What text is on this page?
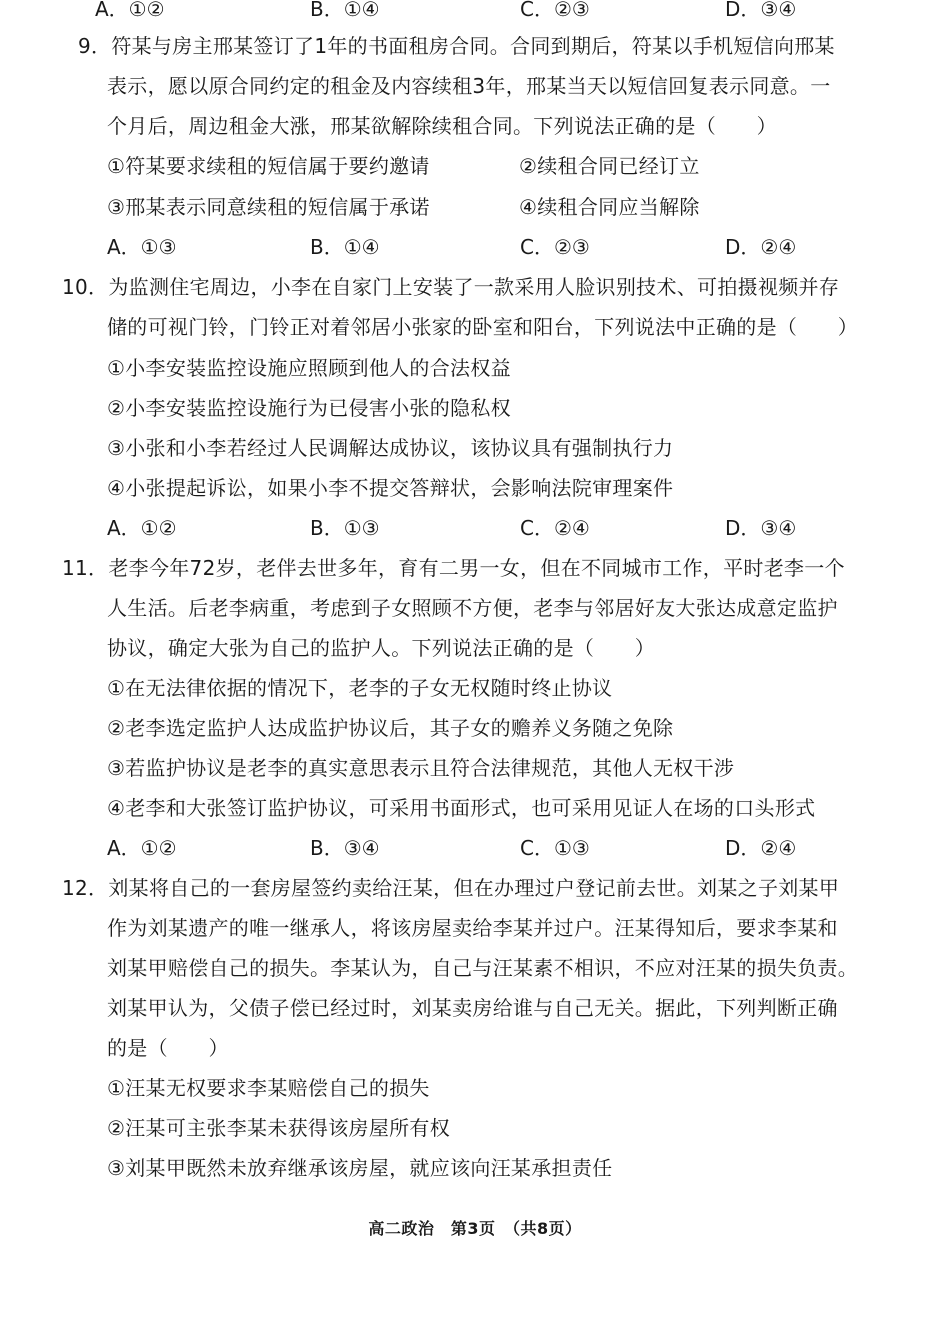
A．①②	B．①④	C．②③	D．③④
9．符某与房主邢某签订了1年的书面租房合同。合同到期后，符某以手机短信向邢某
表示，愿以原合同约定的租金及内容续租3年，邢某当天以短信回复表示同意。一
个月后，周边租金大涨，邢某欲解除续租合同。下列说法正确的是（　　）
①符某要求续租的短信属于要约邀请	②续租合同已经订立
③邢某表示同意续租的短信属于承诺	④续租合同应当解除
A．①③	B．①④	C．②③	D．②④
10．为监测住宅周边，小李在自家门上安装了一款采用人脸识别技术、可拍摄视频并存
储的可视门铃，门铃正对着邻居小张家的卧室和阳台，下列说法中正确的是（　　）
①小李安装监控设施应照顾到他人的合法权益
②小李安装监控设施行为已侵害小张的隐私权
③小张和小李若经过人民调解达成协议，该协议具有强制执行力
④小张提起诉讼，如果小李不提交答辩状，会影响法院审理案件
A．①②	B．①③	C．②④	D．③④
11．老李今年72岁，老伴去世多年，育有二男一女，但在不同城市工作，平时老李一个
人生活。后老李病重，考虑到子女照顾不方便，老李与邻居好友大张达成意定监护
协议，确定大张为自己的监护人。下列说法正确的是（　　）
①在无法律依据的情况下，老李的子女无权随时终止协议
②老李选定监护人达成监护协议后，其子女的赡养义务随之免除
③若监护协议是老李的真实意思表示且符合法律规范，其他人无权干涉
④老李和大张签订监护协议，可采用书面形式，也可采用见证人在场的口头形式
A．①②	B．③④	C．①③	D．②④
12．刘某将自己的一套房屋签约卖给汪某，但在办理过户登记前去世。刘某之子刘某甲
作为刘某遗产的唯一继承人，将该房屋卖给李某并过户。汪某得知后，要求李某和
刘某甲赔偿自己的损失。李某认为，自己与汪某素不相识，不应对汪某的损失负责。
刘某甲认为，父债子偿已经过时，刘某卖房给谁与自己无关。据此，下列判断正确
的是（　　）
①汪某无权要求李某赔偿自己的损失
②汪某可主张李某未获得该房屋所有权
③刘某甲既然未放弃继承该房屋，就应该向汪某承担责任
高二政治　第3页　（共8页）
